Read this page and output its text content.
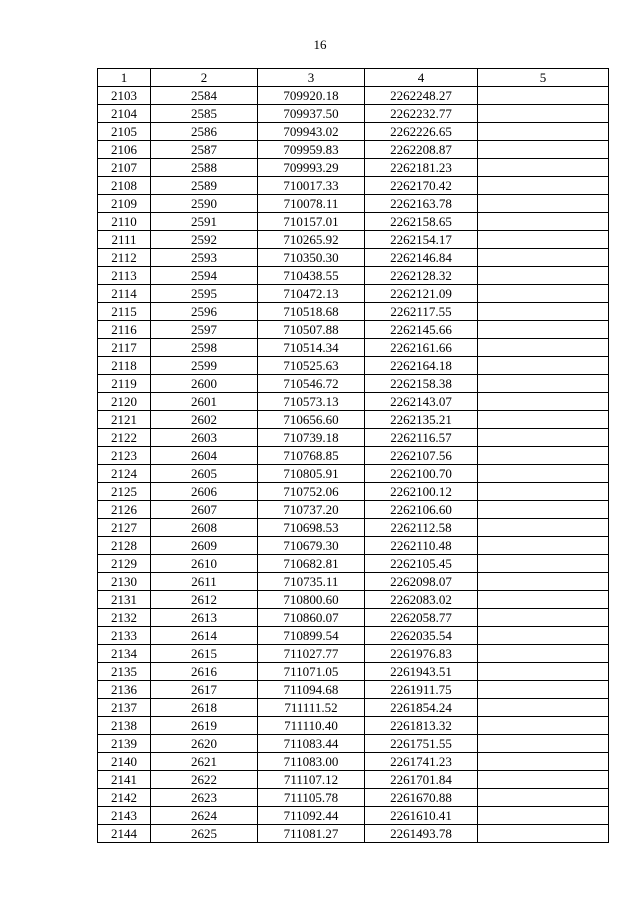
16
1	2	3	4	5
2103	2584	709920.18	2262248.27	
2104	2585	709937.50	2262232.77	
2105	2586	709943.02	2262226.65	
2106	2587	709959.83	2262208.87	
2107	2588	709993.29	2262181.23	
2108	2589	710017.33	2262170.42	
2109	2590	710078.11	2262163.78	
2110	2591	710157.01	2262158.65	
2111	2592	710265.92	2262154.17	
2112	2593	710350.30	2262146.84	
2113	2594	710438.55	2262128.32	
2114	2595	710472.13	2262121.09	
2115	2596	710518.68	2262117.55	
2116	2597	710507.88	2262145.66	
2117	2598	710514.34	2262161.66	
2118	2599	710525.63	2262164.18	
2119	2600	710546.72	2262158.38	
2120	2601	710573.13	2262143.07	
2121	2602	710656.60	2262135.21	
2122	2603	710739.18	2262116.57	
2123	2604	710768.85	2262107.56	
2124	2605	710805.91	2262100.70	
2125	2606	710752.06	2262100.12	
2126	2607	710737.20	2262106.60	
2127	2608	710698.53	2262112.58	
2128	2609	710679.30	2262110.48	
2129	2610	710682.81	2262105.45	
2130	2611	710735.11	2262098.07	
2131	2612	710800.60	2262083.02	
2132	2613	710860.07	2262058.77	
2133	2614	710899.54	2262035.54	
2134	2615	711027.77	2261976.83	
2135	2616	711071.05	2261943.51	
2136	2617	711094.68	2261911.75	
2137	2618	711111.52	2261854.24	
2138	2619	711110.40	2261813.32	
2139	2620	711083.44	2261751.55	
2140	2621	711083.00	2261741.23	
2141	2622	711107.12	2261701.84	
2142	2623	711105.78	2261670.88	
2143	2624	711092.44	2261610.41	
2144	2625	711081.27	2261493.78	
